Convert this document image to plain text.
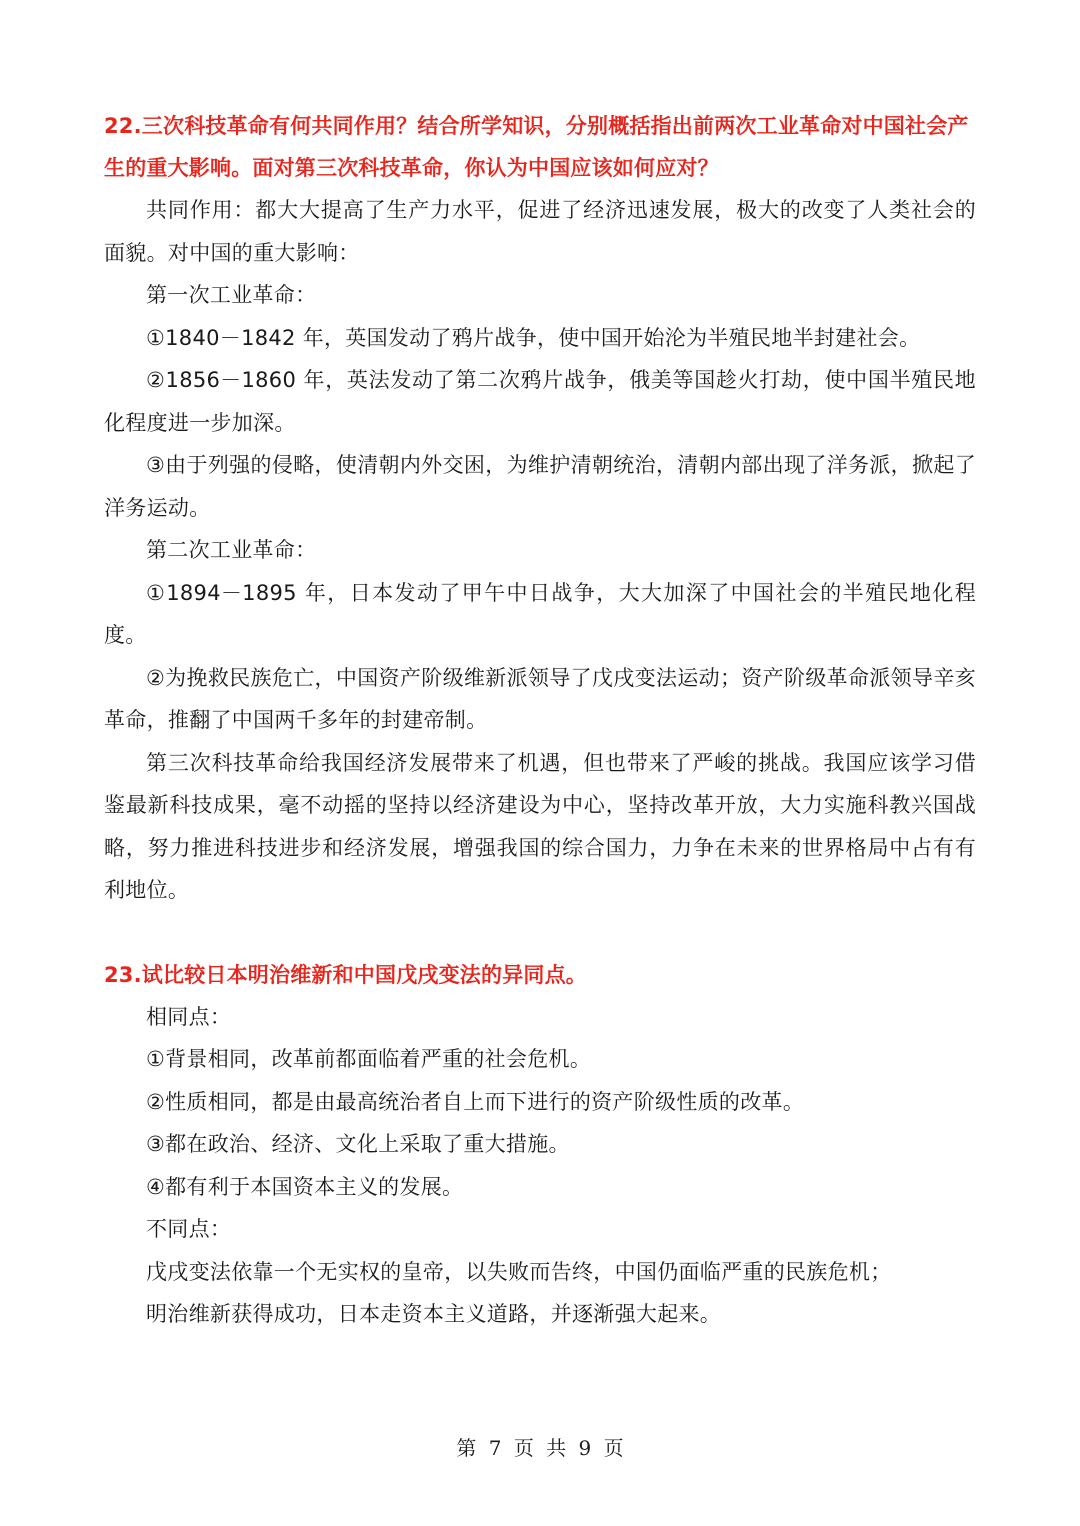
22.三次科技革命有何共同作用？结合所学知识，分别概括指出前两次工业革命对中国社会产生的重大影响。面对第三次科技革命，你认为中国应该如何应对？

共同作用：都大大提高了生产力水平，促进了经济迅速发展，极大的改变了人类社会的面貌。对中国的重大影响：

第一次工业革命：

①1840－1842 年，英国发动了鸦片战争，使中国开始沦为半殖民地半封建社会。

②1856－1860 年，英法发动了第二次鸦片战争，俄美等国趁火打劫，使中国半殖民地化程度进一步加深。

③由于列强的侵略，使清朝内外交困，为维护清朝统治，清朝内部出现了洋务派，掀起了洋务运动。

第二次工业革命：

①1894－1895 年，日本发动了甲午中日战争，大大加深了中国社会的半殖民地化程度。

②为挽救民族危亡，中国资产阶级维新派领导了戊戌变法运动；资产阶级革命派领导辛亥革命，推翻了中国两千多年的封建帝制。

第三次科技革命给我国经济发展带来了机遇，但也带来了严峻的挑战。我国应该学习借鉴最新科技成果，毫不动摇的坚持以经济建设为中心，坚持改革开放，大力实施科教兴国战略，努力推进科技进步和经济发展，增强我国的综合国力，力争在未来的世界格局中占有有利地位。

23.试比较日本明治维新和中国戊戌变法的异同点。

相同点：

①背景相同，改革前都面临着严重的社会危机。

②性质相同，都是由最高统治者自上而下进行的资产阶级性质的改革。

③都在政治、经济、文化上采取了重大措施。

④都有利于本国资本主义的发展。

不同点：

戊戌变法依靠一个无实权的皇帝，以失败而告终，中国仍面临严重的民族危机；

明治维新获得成功，日本走资本主义道路，并逐渐强大起来。

第 7 页 共 9 页
